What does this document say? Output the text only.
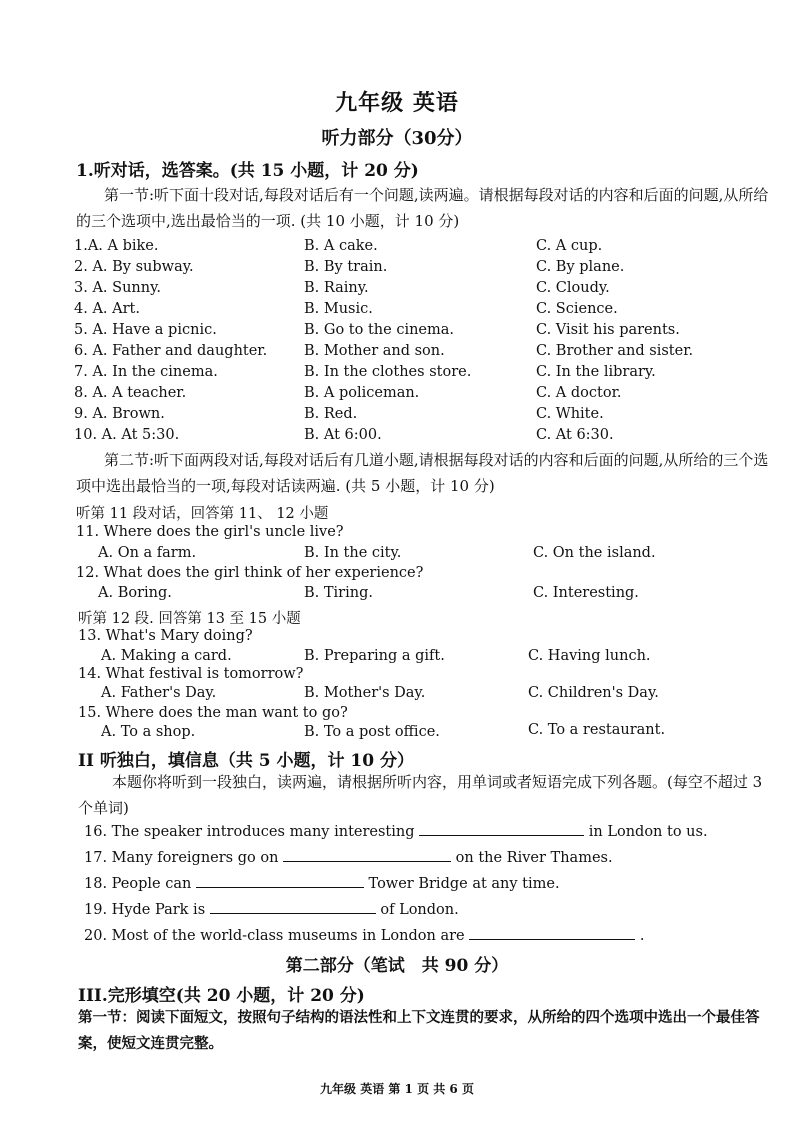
九年级 英语
听力部分（30分）
1.听对话，选答案。(共 15 小题，计 20 分)
第一节:听下面十段对话,每段对话后有一个问题,读两遍。请根据每段对话的内容和后面的问题,从所给的三个选项中,选出最恰当的一项. (共 10 小题，计 10 分)
1.A. A bike.	B. A cake.	C. A cup.
2. A. By subway.	B. By train.	C. By plane.
3. A. Sunny.	B. Rainy.	C. Cloudy.
4. A. Art.	B. Music.	C. Science.
5. A. Have a picnic.	B. Go to the cinema.	C. Visit his parents.
6. A. Father and daughter.	B. Mother and son.	C. Brother and sister.
7. A. In the cinema.	B. In the clothes store.	C. In the library.
8. A. A teacher.	B. A policeman.	C. A doctor.
9. A. Brown.	B. Red.	C. White.
10. A. At 5:30.	B. At 6:00.	C. At 6:30.
第二节:听下面两段对话,每段对话后有几道小题,请根据每段对话的内容和后面的问题,从所给的三个选项中选出最恰当的一项,每段对话读两遍. (共 5 小题，计 10 分)
听第 11 段对话，回答第 11、 12 小题
11. Where does the girl's uncle live?
A. On a farm.	B. In the city.	C. On the island.
12. What does the girl think of her experience?
A. Boring.	B. Tiring.	C. Interesting.
听第 12 段. 回答第 13 至 15 小题
13. What's Mary doing?
A. Making a card.	B. Preparing a gift.	C. Having lunch.
14. What festival is tomorrow?
A. Father's Day.	B. Mother's Day.	C. Children's Day.
15. Where does the man want to go?
A. To a shop.	B. To a post office.	C. To a restaurant.
II 听独白，填信息（共 5 小题，计 10 分）
本题你将听到一段独白，读两遍，请根据所听内容，用单词或者短语完成下列各题。(每空不超过 3 个单词)
16. The speaker introduces many interesting	in London to us.
17. Many foreigners go on	on the River Thames.
18. People can	Tower Bridge at any time.
19. Hyde Park is	of London.
20. Most of the world-class museums in London are	.
第二部分（笔试　共 90 分）
III.完形填空(共 20 小题，计 20 分)
第一节：阅读下面短文，按照句子结构的语法性和上下文连贯的要求，从所给的四个选项中选出一个最佳答案，使短文连贯完整。
九年级 英语 第 1 页 共 6 页
